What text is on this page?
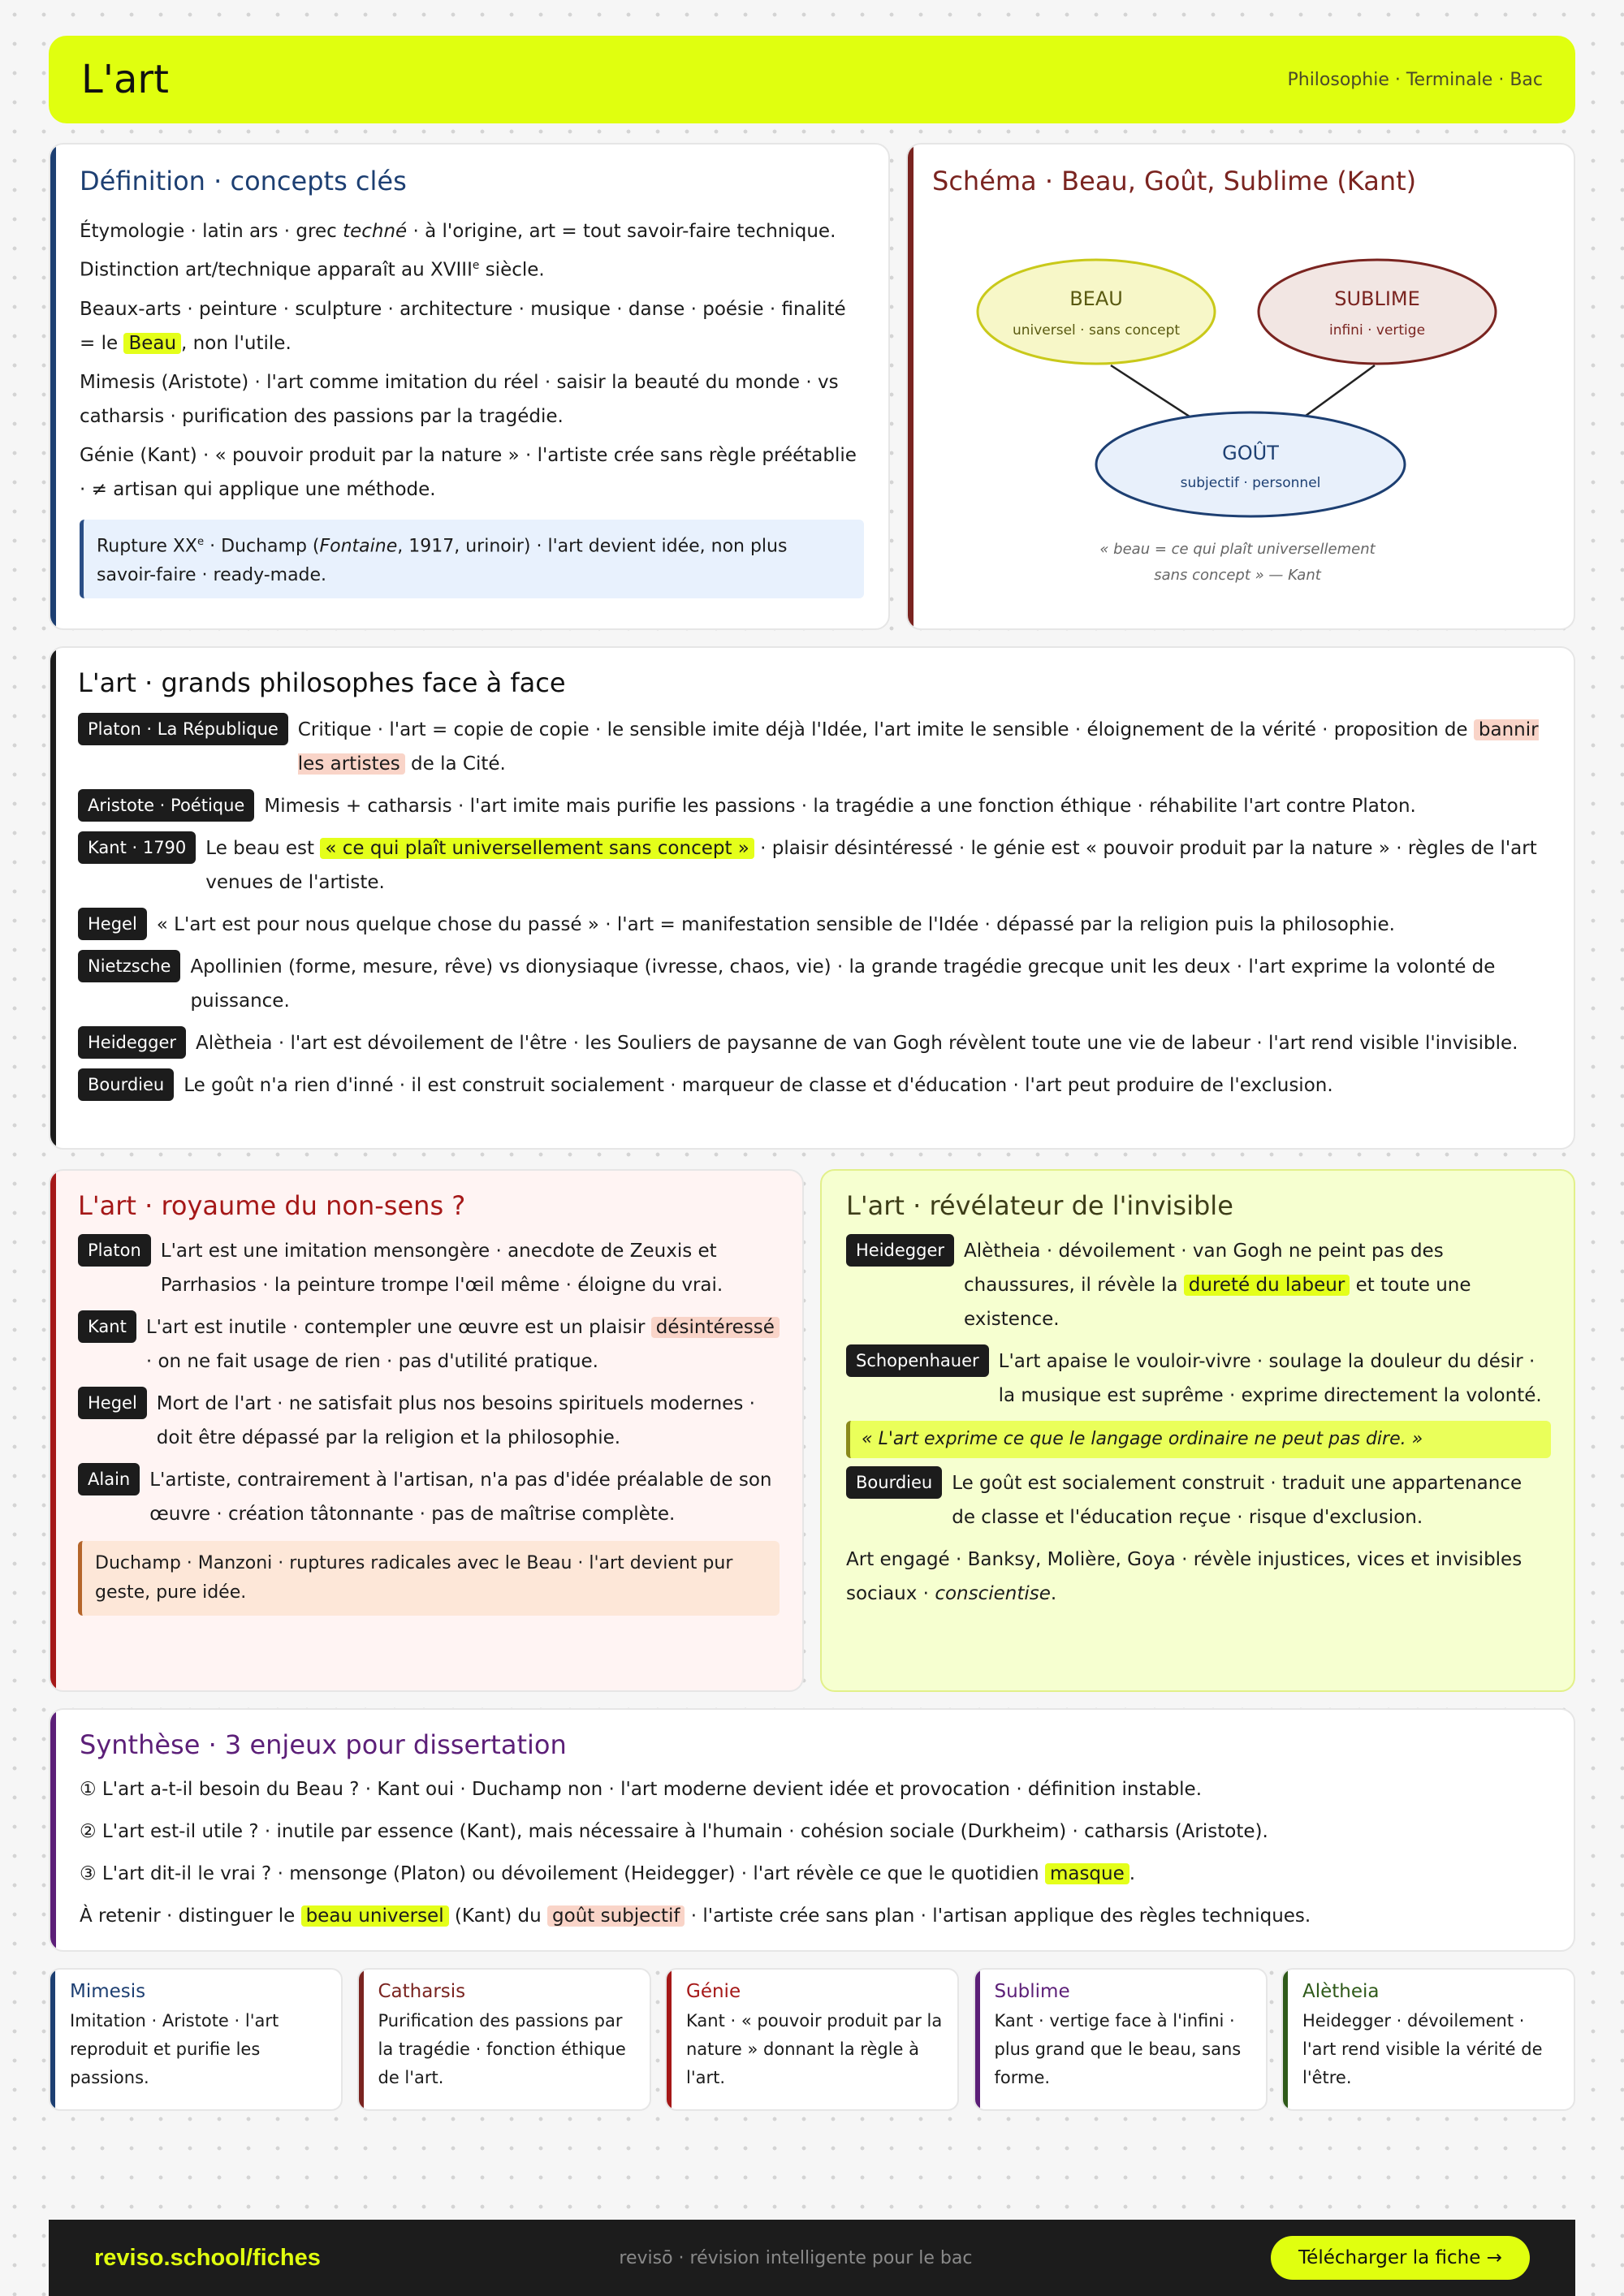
L'art	Philosophie · Terminale · Bac
Définition · concepts clés

Étymologie · latin ars · grec techné · à l'origine, art = tout savoir-faire technique.
Distinction art/technique apparaît au XVIIIe siècle.

Beaux-arts · peinture · sculpture · architecture · musique · danse · poésie · finalité = le Beau , non l'utile.

Mimesis (Aristote) · l'art comme imitation du réel · saisir la beauté du monde · vs catharsis · purification des passions par la tragédie.

Génie (Kant) · « pouvoir produit par la nature » · l'artiste crée sans règle préétablie · ≠ artisan qui applique une méthode.

Rupture $XX^e$ · Duchamp (Fontaine, 1917, urinoir) · l'art devient idée, non plus savoir-faire · ready-made.
BEAU
universel · sans concept
SUBLIME
infini · vertige
GOÛT
subjectif · personnel
« beau = ce qui plaît universellement
sans concept » — Kant
Schéma · Beau, Goût, Sublime (Kant)
L'art · grands philosophes face à face
Platon · La République	Critique · l'art = copie de copie · le sensible imite déjà l'Idée, l'art imite le sensible · éloignement de la vérité · proposition de bannir les artistes de la Cité.
Aristote · Poétique	Mimesis + catharsis · l'art imite mais purifie les passions · la tragédie a une fonction éthique · réhabilite l'art contre Platon.
Kant · 1790	Le beau est « ce qui plaît universellement sans concept » · plaisir désintéressé · le génie est « pouvoir produit par la nature » · règles de l'art venues de l'artiste.
Hegel	« L'art est pour nous quelque chose du passé » · l'art = manifestation sensible de l'Idée · dépassé par la religion puis la philosophie.
Nietzsche	Apollinien (forme, mesure, rêve) vs dionysiaque (ivresse, chaos, vie) · la grande tragédie grecque unit les deux · l'art exprime la volonté de puissance.
Heidegger	Alètheia · l'art est dévoilement de l'être · les Souliers de paysanne de van Gogh révèlent toute une vie de labeur · l'art rend visible l'invisible.
Bourdieu	Le goût n'a rien d'inné · il est construit socialement · marqueur de classe et d'éducation · l'art peut produire de l'exclusion.
L'art · royaume du non-sens ?
Platon	L'art est une imitation mensongère · anecdote de Zeuxis et Parrhasios · la peinture trompe l'œil même · éloigne du vrai.
Kant	L'art est inutile · contempler une œuvre est un plaisir désintéressé · on ne fait usage de rien · pas d'utilité pratique.
Hegel	Mort de l'art · ne satisfait plus nos besoins spirituels modernes · doit être dépassé par la religion et la philosophie.
Alain	L'artiste, contrairement à l'artisan, n'a pas d'idée préalable de son œuvre · création tâtonnante · pas de maîtrise complète.
Duchamp · Manzoni · ruptures radicales avec le Beau · l'art devient pur geste, pure idée.
L'art · révélateur de l'invisible
Heidegger	Alètheia · dévoilement · van Gogh ne peint pas des chaussures, il révèle la dureté du labeur et toute une existence.
Schopenhauer	L'art apaise le vouloir-vivre · soulage la douleur du désir · la musique est suprême · exprime directement la volonté.
« L'art exprime ce que le langage ordinaire ne peut pas dire. »
Bourdieu	Le goût est socialement construit · traduit une appartenance de classe et l'éducation reçue · risque d'exclusion.

Art engagé · Banksy, Molière, Goya · révèle injustices, vices et invisibles sociaux · conscientise.

Synthèse · 3 enjeux pour dissertation

① L'art a-t-il besoin du Beau ? · Kant oui · Duchamp non · l'art moderne devient idée et provocation · définition instable.

② L'art est-il utile ? · inutile par essence (Kant), mais nécessaire à l'humain · cohésion sociale (Durkheim) · catharsis (Aristote).

③ L'art dit-il le vrai ? · mensonge (Platon) ou dévoilement (Heidegger) · l'art révèle ce que le quotidien masque .

À retenir · distinguer le beau universel (Kant) du goût subjectif · l'artiste crée sans plan · l'artisan applique des règles techniques.

Mimesis

Imitation · Aristote · l'art reproduit et purifie les passions.

Catharsis

Purification des passions par la tragédie · fonction éthique de l'art.

Génie

Kant · « pouvoir produit par la nature » donnant la règle à l'art.

Sublime

Kant · vertige face à l'infini · plus grand que le beau, sans forme.

Alètheia

Heidegger · dévoilement · l'art rend visible la vérité de l'être.

reviso.school/fiches	revisō · révision intelligente pour le bac	Télécharger la fiche →
